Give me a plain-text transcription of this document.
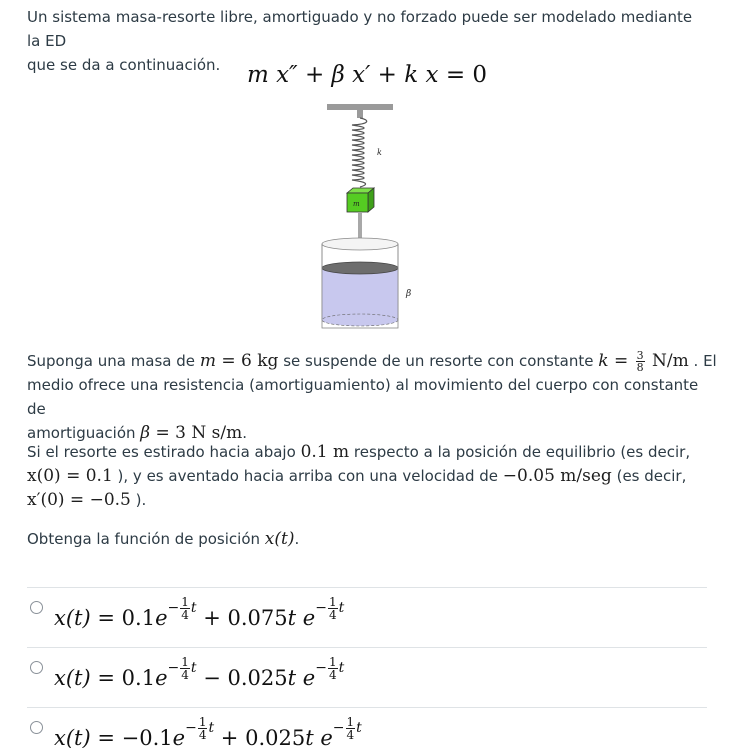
Un sistema masa-resorte libre, amortiguado y no forzado puede ser modelado mediante la ED
que se da a continuación.	m x″ + β x′ + k x = 0
k
m
β
Suponga una masa de m = 6 kg se suspende de un resorte con constante $k = \frac{3}{8} N/m$ . El
medio ofrece una resistencia (amortiguamiento) al movimiento del cuerpo con constante de
amortiguación β = 3 N s/m.
Si el resorte es estirado hacia abajo 0.1 m respecto a la posición de equilibrio (es decir,
x(0) = 0.1 ), y es aventado hacia arriba con una velocidad de −0.05 m/seg (es decir,
x′(0) = −0.5 ).
Obtenga la función de posición x(t).
$x(t) = 0.1e - \frac{1}{4}$ t + 0.075t $e - \frac{1}{4}$ t
$x(t) = 0.1e - \frac{1}{4}$ t − 0.025t $e - \frac{1}{4}$ t
$x(t) = -0.1e - \frac{1}{4}$ t + 0.025t $e - \frac{1}{4}$ t
